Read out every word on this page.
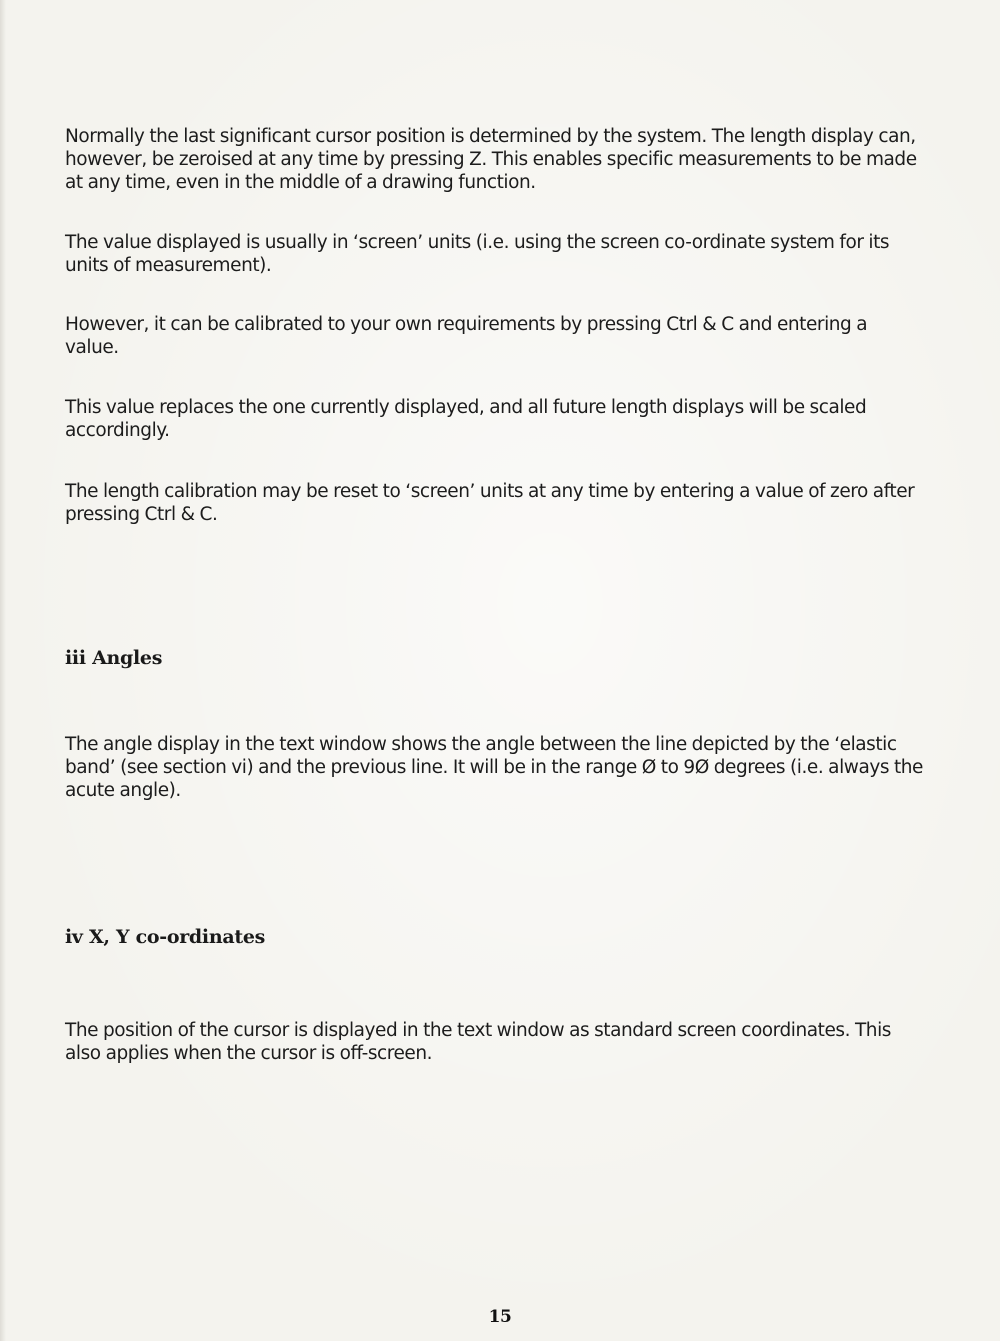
Normally the last significant cursor position is determined by the system. The length display can, however, be zeroised at any time by pressing Z. This enables specific measurements to be made at any time, even in the middle of a drawing function.

The value displayed is usually in ‘screen’ units (i.e. using the screen co-ordinate system for its units of measurement).

However, it can be calibrated to your own requirements by pressing Ctrl & C and entering a value.

This value replaces the one currently displayed, and all future length displays will be scaled accordingly.

The length calibration may be reset to ‘screen’ units at any time by entering a value of zero after pressing Ctrl & C.

iii Angles

The angle display in the text window shows the angle between the line depicted by the ‘elastic band’ (see section vi) and the previous line. It will be in the range Ø to 9Ø degrees (i.e. always the acute angle).

iv X, Y co-ordinates

The position of the cursor is displayed in the text window as standard screen coordinates. This also applies when the cursor is off-screen.

15
